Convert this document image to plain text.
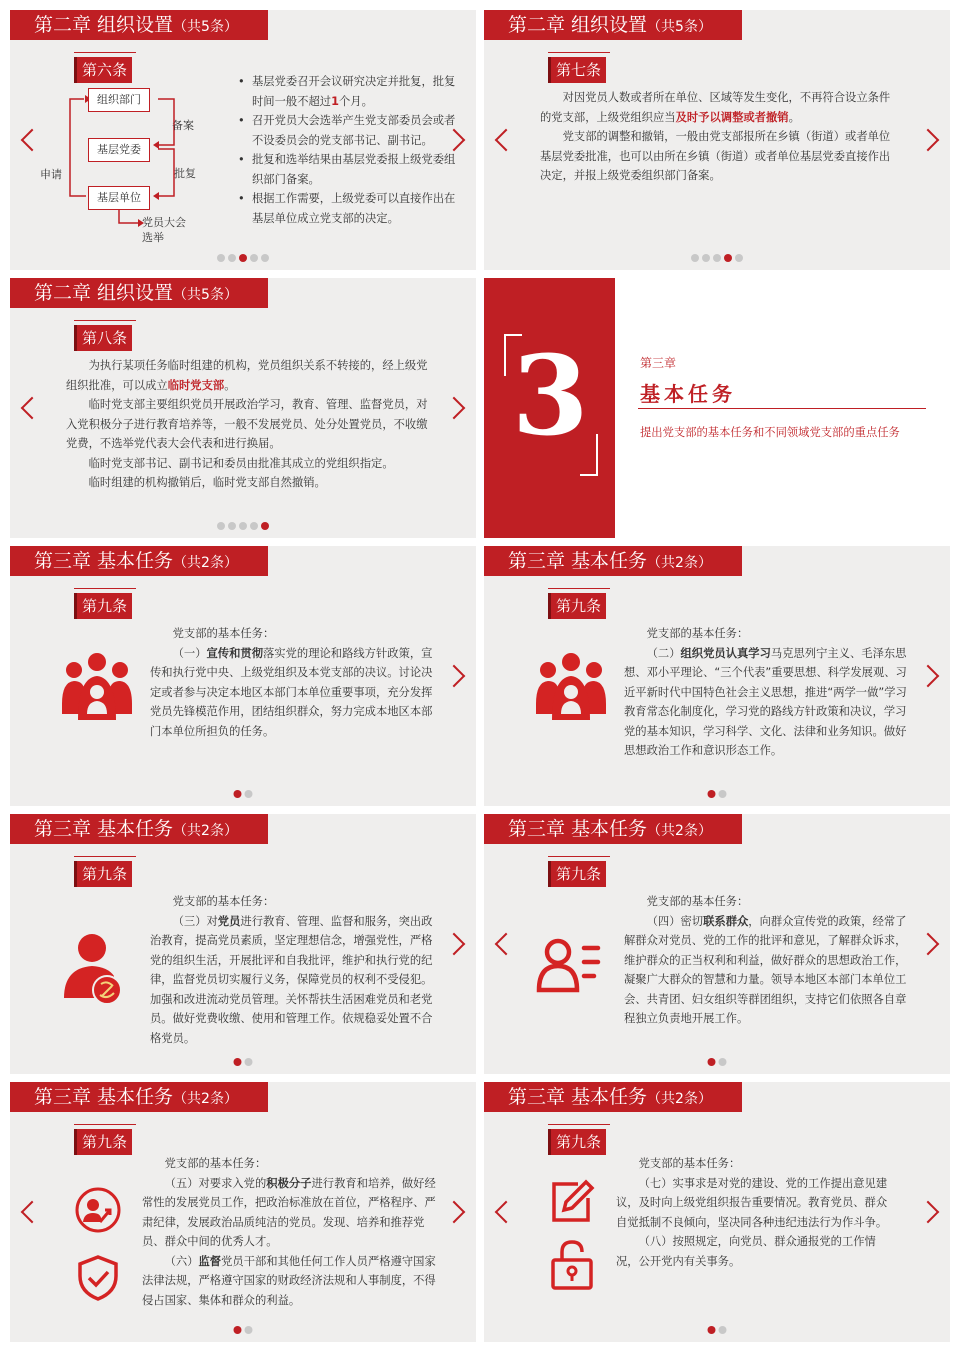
第二章 组织设置（共5条）
第六条
组织部门
基层党委
基层单位
备案
批复
申请
党员大会
选举
• 基层党委召开会议研究决定并批复，批复时间一般不超过1个月。
• 召开党员大会选举产生党支部委员会或者不设委员会的党支部书记、副书记。
• 批复和选举结果由基层党委报上级党委组织部门备案。
• 根据工作需要，上级党委可以直接作出在基层单位成立党支部的决定。
第二章 组织设置（共5条）
第七条

对因党员人数或者所在单位、区域等发生变化，不再符合设立条件的党支部，上级党组织应当及时予以调整或者撤销。

党支部的调整和撤销，一般由党支部报所在乡镇（街道）或者单位基层党委批准，也可以由所在乡镇（街道）或者单位基层党委直接作出决定，并报上级党委组织部门备案。

第二章 组织设置（共5条）
第八条

为执行某项任务临时组建的机构，党员组织关系不转接的，经上级党组织批准，可以成立临时党支部。

临时党支部主要组织党员开展政治学习，教育、管理、监督党员，对入党积极分子进行教育培养等，一般不发展党员、处分处置党员，不收缴党费，不选举党代表大会代表和进行换届。

临时党支部书记、副书记和委员由批准其成立的党组织指定。

临时组建的机构撤销后，临时党支部自然撤销。

3	第三章
基本任务
提出党支部的基本任务和不同领域党支部的重点任务
第三章 基本任务（共2条）
第九条

党支部的基本任务：

（一）宣传和贯彻落实党的理论和路线方针政策，宣传和执行党中央、上级党组织及本党支部的决议。讨论决定或者参与决定本地区本部门本单位重要事项，充分发挥党员先锋模范作用，团结组织群众，努力完成本地区本部门本单位所担负的任务。

第三章 基本任务（共2条）
第九条

党支部的基本任务：

（二）组织党员认真学习马克思列宁主义、毛泽东思想、邓小平理论、“三个代表”重要思想、科学发展观、习近平新时代中国特色社会主义思想，推进“两学一做”学习教育常态化制度化，学习党的路线方针政策和决议，学习党的基本知识，学习科学、文化、法律和业务知识。做好思想政治工作和意识形态工作。

第三章 基本任务（共2条）
第九条

党支部的基本任务：

（三）对党员进行教育、管理、监督和服务，突出政治教育，提高党员素质，坚定理想信念，增强党性，严格党的组织生活，开展批评和自我批评，维护和执行党的纪律，监督党员切实履行义务，保障党员的权利不受侵犯。加强和改进流动党员管理。关怀帮扶生活困难党员和老党员。做好党费收缴、使用和管理工作。依规稳妥处置不合格党员。

第三章 基本任务（共2条）
第九条

党支部的基本任务：

（四）密切联系群众，向群众宣传党的政策，经常了解群众对党员、党的工作的批评和意见，了解群众诉求，维护群众的正当权利和利益，做好群众的思想政治工作，凝聚广大群众的智慧和力量。领导本地区本部门本单位工会、共青团、妇女组织等群团组织，支持它们依照各自章程独立负责地开展工作。

第三章 基本任务（共2条）
第九条

党支部的基本任务：

（五）对要求入党的积极分子进行教育和培养，做好经常性的发展党员工作，把政治标准放在首位，严格程序、严肃纪律，发展政治品质纯洁的党员。发现、培养和推荐党员、群众中间的优秀人才。

（六）监督党员干部和其他任何工作人员严格遵守国家法律法规，严格遵守国家的财政经济法规和人事制度，不得侵占国家、集体和群众的利益。

第三章 基本任务（共2条）
第九条

党支部的基本任务：

（七）实事求是对党的建设、党的工作提出意见建议，及时向上级党组织报告重要情况。教育党员、群众自觉抵制不良倾向，坚决同各种违纪违法行为作斗争。

（八）按照规定，向党员、群众通报党的工作情况，公开党内有关事务。
